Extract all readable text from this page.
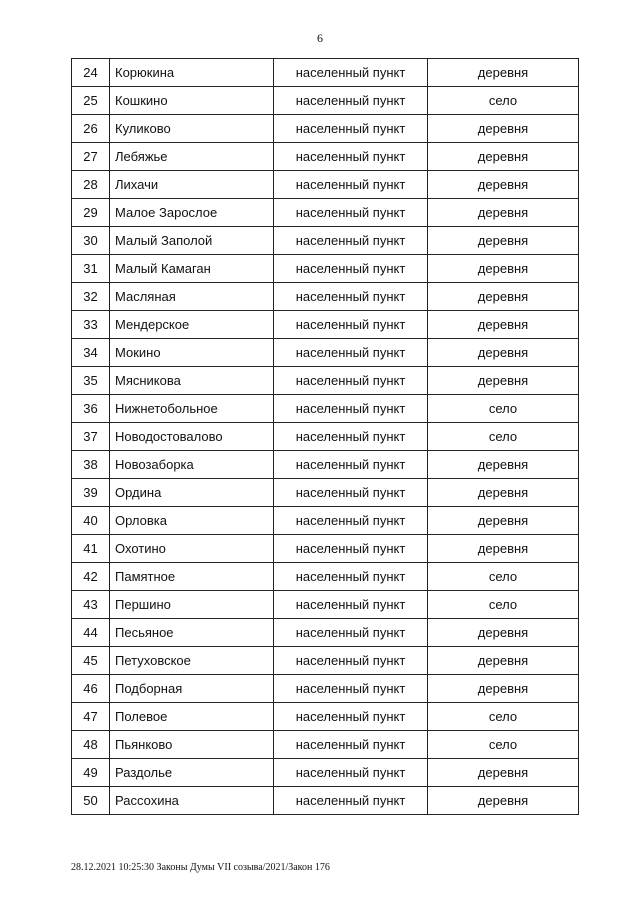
6
24	Корюкина	населенный пункт	деревня
25	Кошкино	населенный пункт	село
26	Куликово	населенный пункт	деревня
27	Лебяжье	населенный пункт	деревня
28	Лихачи	населенный пункт	деревня
29	Малое Зарослое	населенный пункт	деревня
30	Малый Заполой	населенный пункт	деревня
31	Малый Камаган	населенный пункт	деревня
32	Масляная	населенный пункт	деревня
33	Мендерское	населенный пункт	деревня
34	Мокино	населенный пункт	деревня
35	Мясникова	населенный пункт	деревня
36	Нижнетобольное	населенный пункт	село
37	Новодостовалово	населенный пункт	село
38	Новозаборка	населенный пункт	деревня
39	Ордина	населенный пункт	деревня
40	Орловка	населенный пункт	деревня
41	Охотино	населенный пункт	деревня
42	Памятное	населенный пункт	село
43	Першино	населенный пункт	село
44	Песьяное	населенный пункт	деревня
45	Петуховское	населенный пункт	деревня
46	Подборная	населенный пункт	деревня
47	Полевое	населенный пункт	село
48	Пьянково	населенный пункт	село
49	Раздолье	населенный пункт	деревня
50	Рассохина	населенный пункт	деревня
28.12.2021 10:25:30 Законы Думы VII созыва/2021/Закон 176
